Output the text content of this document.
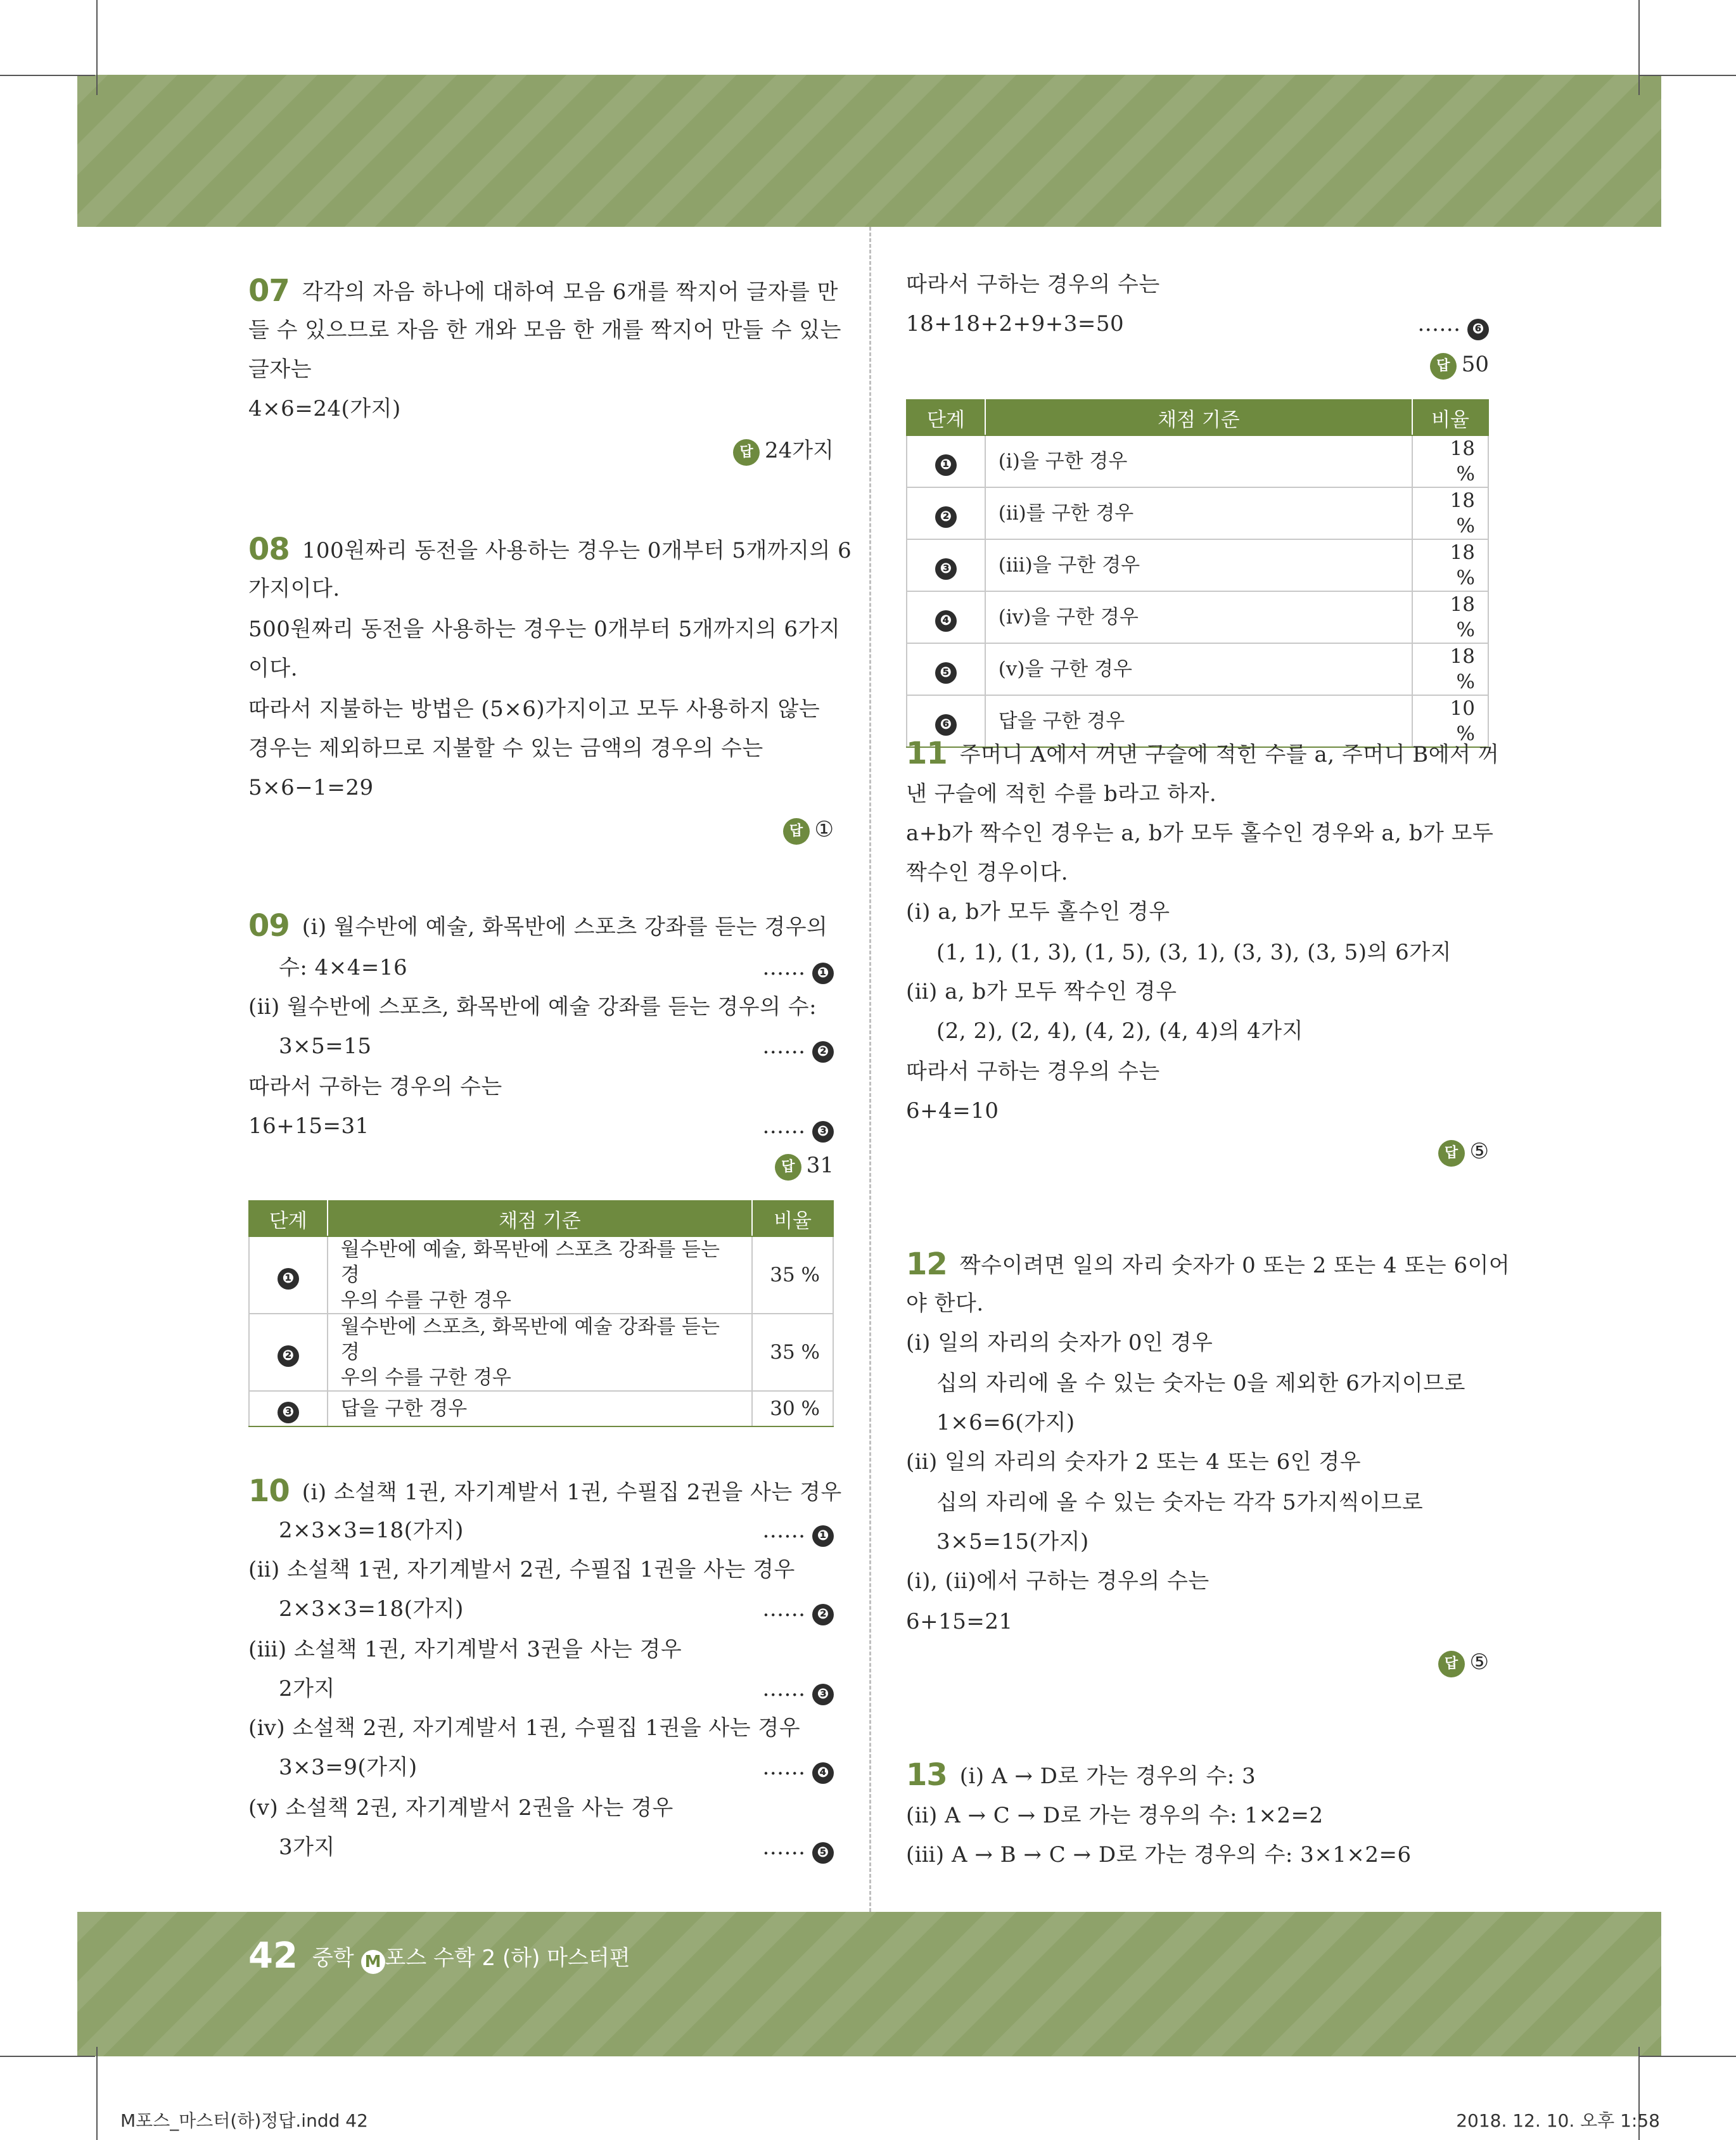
07 각각의 자음 하나에 대하여 모음 6개를 짝지어 글자를 만
들 수 있으므로 자음 한 개와 모음 한 개를 짝지어 만들 수 있는
글자는
4×6=24(가지)
답 24가지
08 100원짜리 동전을 사용하는 경우는 0개부터 5개까지의 6
가지이다.
500원짜리 동전을 사용하는 경우는 0개부터 5개까지의 6가지
이다.
따라서 지불하는 방법은 (5×6)가지이고 모두 사용하지 않는
경우는 제외하므로 지불할 수 있는 금액의 경우의 수는
5×6−1=29
답 ①
09 (ⅰ) 월수반에 예술, 화목반에 스포츠 강좌를 듣는 경우의
수: 4×4=16	…… ❶
(ⅱ) 월수반에 스포츠, 화목반에 예술 강좌를 듣는 경우의 수:
3×5=15	…… ❷
따라서 구하는 경우의 수는
16+15=31	…… ❸
답 31
단계	채점 기준	비율
❶	월수반에 예술, 화목반에 스포츠 강좌를 듣는 경
우의 수를 구한 경우	35 %
❷	월수반에 스포츠, 화목반에 예술 강좌를 듣는 경
우의 수를 구한 경우	35 %
❸	답을 구한 경우	30 %
10 (ⅰ) 소설책 1권, 자기계발서 1권, 수필집 2권을 사는 경우
2×3×3=18(가지)	…… ❶
(ⅱ) 소설책 1권, 자기계발서 2권, 수필집 1권을 사는 경우
2×3×3=18(가지)	…… ❷
(ⅲ) 소설책 1권, 자기계발서 3권을 사는 경우
2가지	…… ❸
(ⅳ) 소설책 2권, 자기계발서 1권, 수필집 1권을 사는 경우
3×3=9(가지)	…… ❹
(ⅴ) 소설책 2권, 자기계발서 2권을 사는 경우
3가지	…… ❺
따라서 구하는 경우의 수는
18+18+2+9+3=50	…… ❻
답 50
단계	채점 기준	비율
❶	(ⅰ)을 구한 경우	18 %
❷	(ⅱ)를 구한 경우	18 %
❸	(ⅲ)을 구한 경우	18 %
❹	(ⅳ)을 구한 경우	18 %
❺	(ⅴ)을 구한 경우	18 %
❻	답을 구한 경우	10 %
11 주머니 A에서 꺼낸 구슬에 적힌 수를 a, 주머니 B에서 꺼
낸 구슬에 적힌 수를 b라고 하자.
a+b가 짝수인 경우는 a, b가 모두 홀수인 경우와 a, b가 모두
짝수인 경우이다.
(ⅰ) a, b가 모두 홀수인 경우
(1, 1), (1, 3), (1, 5), (3, 1), (3, 3), (3, 5)의 6가지
(ⅱ) a, b가 모두 짝수인 경우
(2, 2), (2, 4), (4, 2), (4, 4)의 4가지
따라서 구하는 경우의 수는
6+4=10
답 ⑤
12 짝수이려면 일의 자리 숫자가 0 또는 2 또는 4 또는 6이어
야 한다.
(ⅰ) 일의 자리의 숫자가 0인 경우
십의 자리에 올 수 있는 숫자는 0을 제외한 6가지이므로
1×6=6(가지)
(ⅱ) 일의 자리의 숫자가 2 또는 4 또는 6인 경우
십의 자리에 올 수 있는 숫자는 각각 5가지씩이므로
3×5=15(가지)
(ⅰ), (ⅱ)에서 구하는 경우의 수는
6+15=21
답 ⑤
13 (ⅰ) A → D로 가는 경우의 수: 3
(ⅱ) A → C → D로 가는 경우의 수: 1×2=2
(ⅲ) A → B → C → D로 가는 경우의 수: 3×1×2=6
42 중학 M 포스 수학 2 (하) 마스터편
M포스_마스터(하)정답.indd 42	2018. 12. 10. 오후 1:58
